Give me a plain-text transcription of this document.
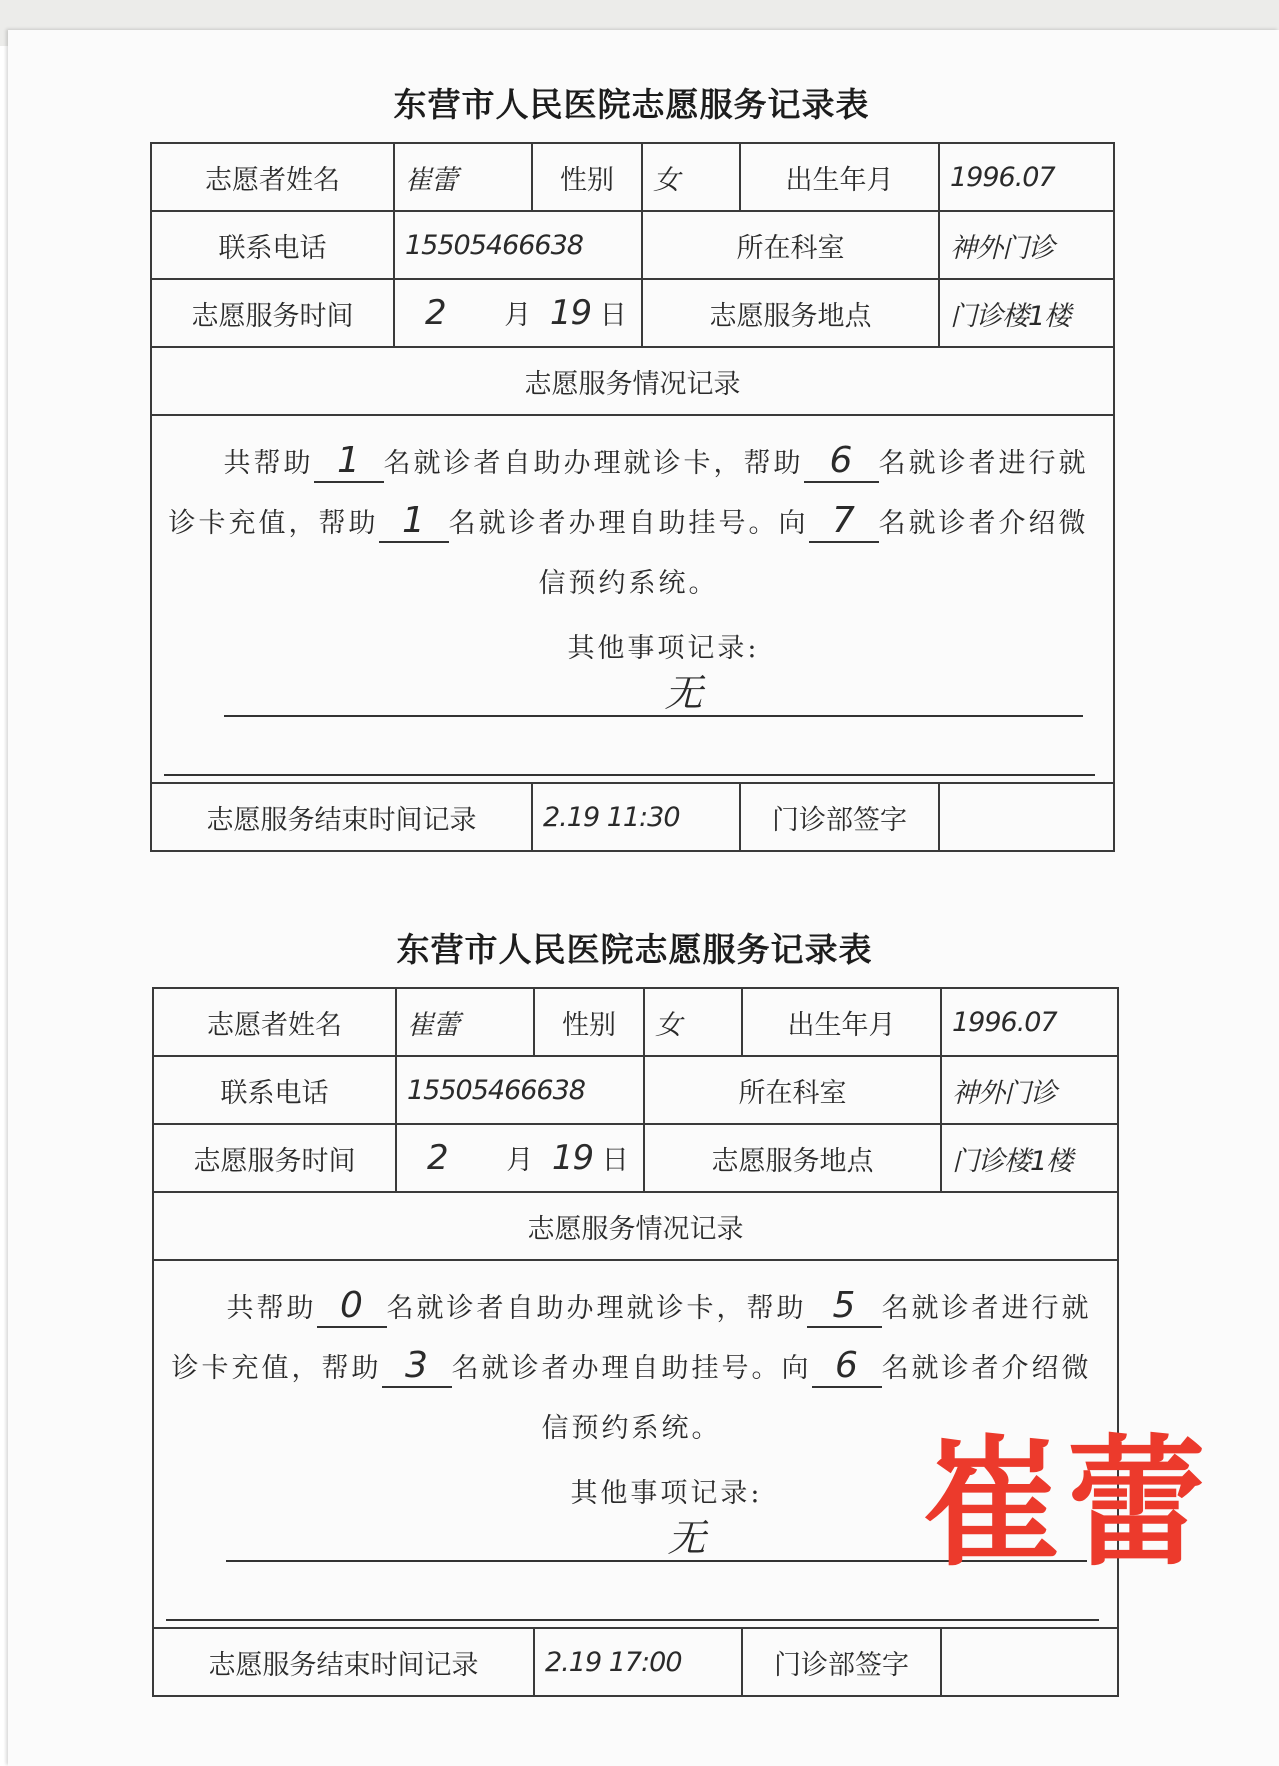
东营市人民医院志愿服务记录表
志愿者姓名	崔蕾	性别	女	出生年月	1996.07
联系电话	15505466638		所在科室		神外门诊
志愿服务时间	2 月 19 日		志愿服务地点		门诊楼1楼
志愿服务情况记录					

共帮助 1 名就诊者自助办理就诊卡，帮助 6 名就诊者进行就诊卡充值，帮助 1 名就诊者办理自助挂号。向 7 名就诊者介绍微信预约系统。

其他事项记录:
无					

志愿服务结束时间记录		2.19 11:30		门诊部签字	
东营市人民医院志愿服务记录表
志愿者姓名	崔蕾	性别	女	出生年月	1996.07
联系电话	15505466638		所在科室		神外门诊
志愿服务时间	2 月 19 日		志愿服务地点		门诊楼1楼
志愿服务情况记录					

共帮助 0 名就诊者自助办理就诊卡，帮助 5 名就诊者进行就诊卡充值，帮助 3 名就诊者办理自助挂号。向 6 名就诊者介绍微信预约系统。

其他事项记录:
无					

志愿服务结束时间记录		2.19 17:00		门诊部签字	
崔蕾
